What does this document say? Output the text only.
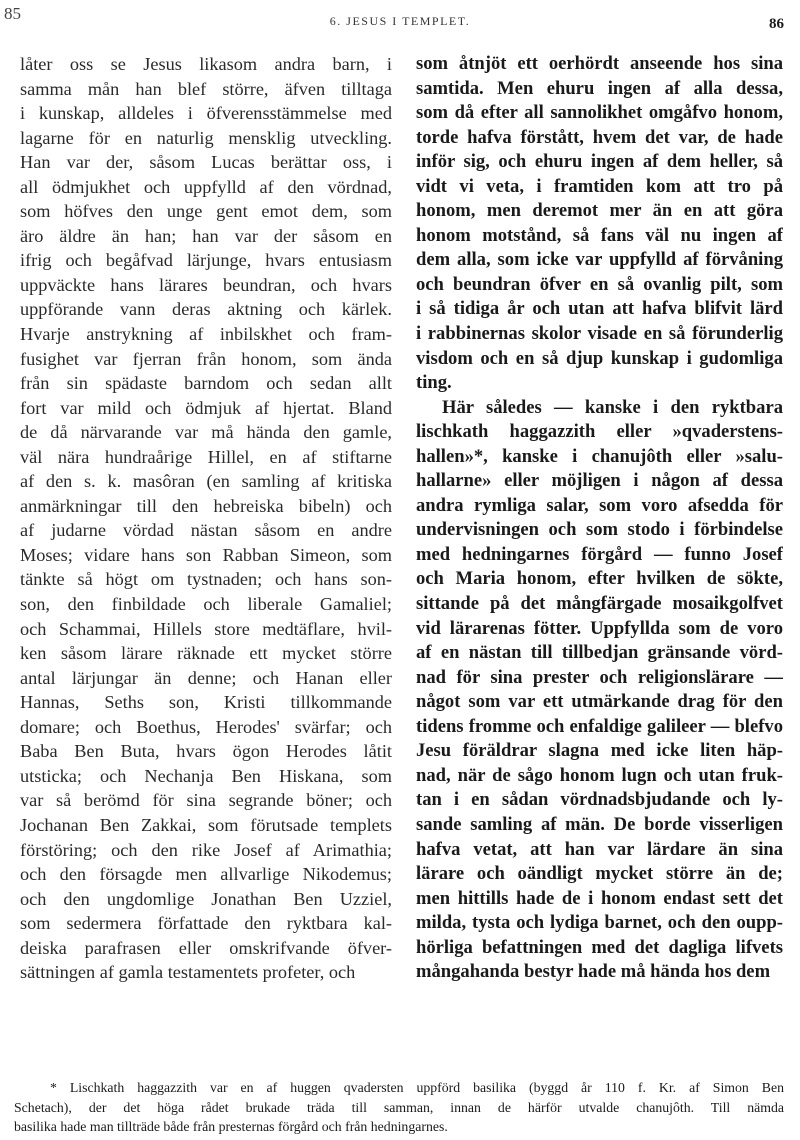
85	6. JESUS I TEMPLET.	86
låter oss se Jesus likasom andra barn, i
samma mån han blef större, äfven tilltaga
i kunskap, alldeles i öfverensstämmelse med
lagarne för en naturlig mensklig utveckling.
Han var der, såsom Lucas berättar oss, i
all ödmjukhet och uppfylld af den vördnad,
som höfves den unge gent emot dem, som
äro äldre än han; han var der såsom en
ifrig och begåfvad lärjunge, hvars entusiasm
uppväckte hans lärares beundran, och hvars
uppförande vann deras aktning och kärlek.
Hvarje anstrykning af inbilskhet och fram-
fusighet var fjerran från honom, som ända
från sin spädaste barndom och sedan allt
fort var mild och ödmjuk af hjertat. Bland
de då närvarande var må hända den gamle,
väl nära hundraårige Hillel, en af stiftarne
af den s. k. masôran (en samling af kritiska
anmärkningar till den hebreiska bibeln) och
af judarne vördad nästan såsom en andre
Moses; vidare hans son Rabban Simeon, som
tänkte så högt om tystnaden; och hans son-
son, den finbildade och liberale Gamaliel;
och Schammai, Hillels store medtäflare, hvil-
ken såsom lärare räknade ett mycket större
antal lärjungar än denne; och Hanan eller
Hannas, Seths son, Kristi tillkommande
domare; och Boethus, Herodes' svärfar; och
Baba Ben Buta, hvars ögon Herodes låtit
utsticka; och Nechanja Ben Hiskana, som
var så berömd för sina segrande böner; och
Jochanan Ben Zakkai, som förutsade templets
förstöring; och den rike Josef af Arimathia;
och den försagde men allvarlige Nikodemus;
och den ungdomlige Jonathan Ben Uzziel,
som sedermera författade den ryktbara kal-
deiska parafrasen eller omskrifvande öfver-
sättningen af gamla testamentets profeter, och
som åtnjöt ett oerhördt anseende hos sina
samtida. Men ehuru ingen af alla dessa,
som då efter all sannolikhet omgåfvo honom,
torde hafva förstått, hvem det var, de hade
inför sig, och ehuru ingen af dem heller, så
vidt vi veta, i framtiden kom att tro på
honom, men deremot mer än en att göra
honom motstånd, så fans väl nu ingen af
dem alla, som icke var uppfylld af förvåning
och beundran öfver en så ovanlig pilt, som
i så tidiga år och utan att hafva blifvit lärd
i rabbinernas skolor visade en så förunderlig
visdom och en så djup kunskap i gudomliga
ting.
Här således — kanske i den ryktbara
lischkath haggazzith eller »qvaderstens-
hallen»*, kanske i chanujôth eller »salu-
hallarne» eller möjligen i någon af dessa
andra rymliga salar, som voro afsedda för
undervisningen och som stodo i förbindelse
med hedningarnes förgård — funno Josef
och Maria honom, efter hvilken de sökte,
sittande på det mångfärgade mosaikgolfvet
vid lärarenas fötter. Uppfyllda som de voro
af en nästan till tillbedjan gränsande vörd-
nad för sina prester och religionslärare —
något som var ett utmärkande drag för den
tidens fromme och enfaldige galileer — blefvo
Jesu föräldrar slagna med icke liten häp-
nad, när de sågo honom lugn och utan fruk-
tan i en sådan vördnadsbjudande och ly-
sande samling af män. De borde visserligen
hafva vetat, att han var lärdare än sina
lärare och oändligt mycket större än de;
men hittills hade de i honom endast sett det
milda, tysta och lydiga barnet, och den oupp-
hörliga befattningen med det dagliga lifvets
mångahanda bestyr hade må hända hos dem
* Lischkath haggazzith var en af huggen qvadersten uppförd basilika (byggd år 110 f. Kr. af Simon Ben
Schetach), der det höga rådet brukade träda till samman, innan de härför utvalde chanujôth. Till nämda
basilika hade man tillträde både från presternas förgård och från hedningarnes.
